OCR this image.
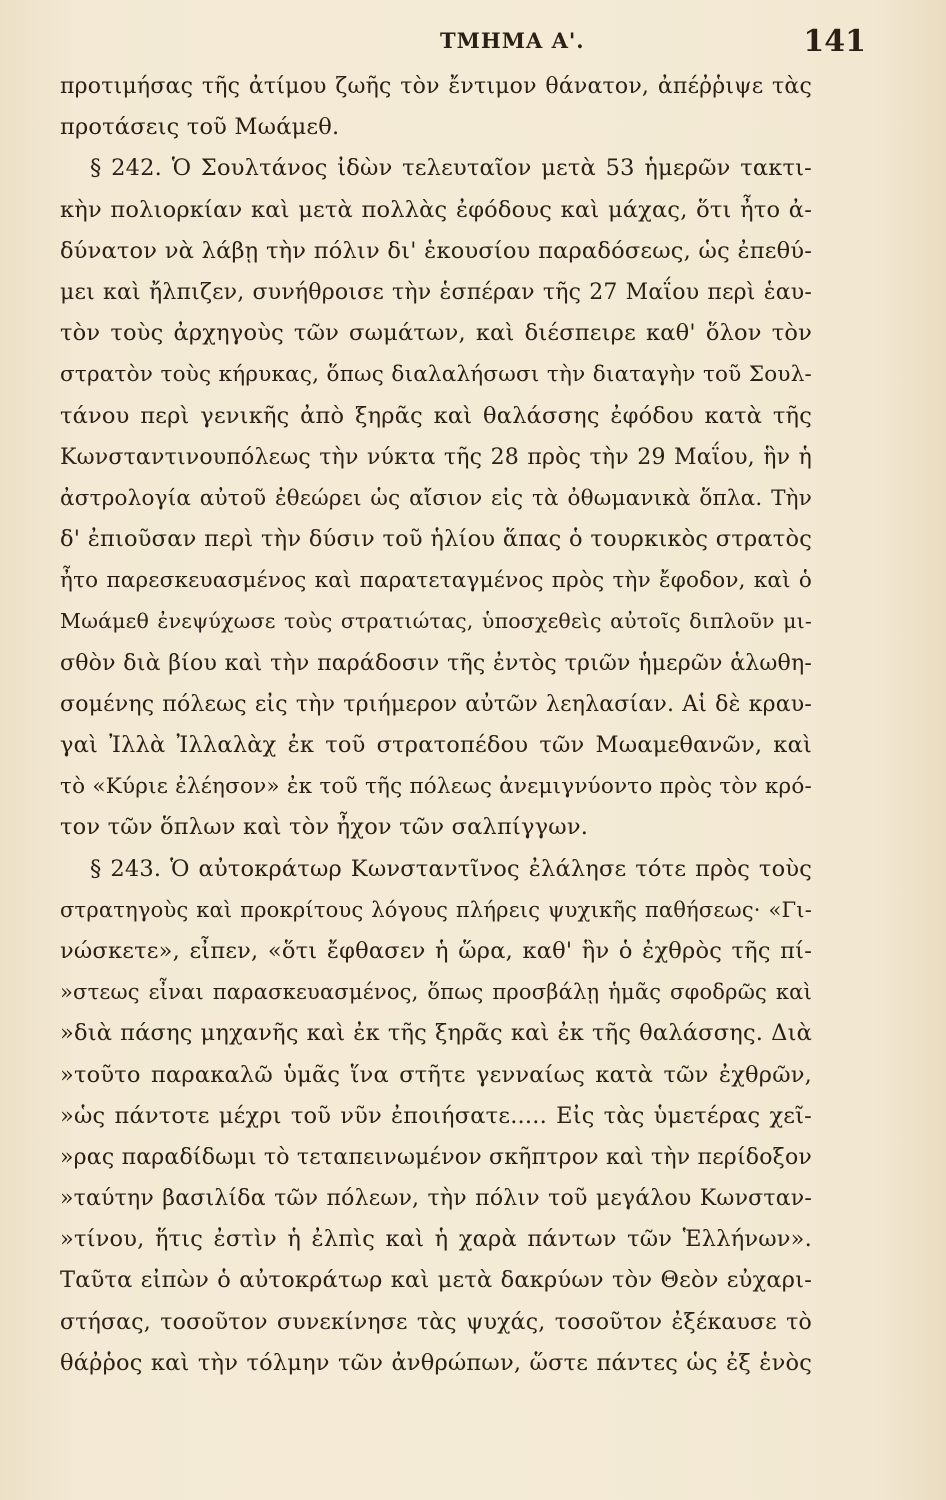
ΤΜΗΜΑ Α'.	141
προτιμήσας τῆς ἀτίμου ζωῆς τὸν ἔντιμον θάνατον, ἀπέῤῥιψε τὰς
προτάσεις τοῦ Μωάμεθ.
§ 242. Ὁ Σουλτάνος ἰδὼν τελευταῖον μετὰ 53 ἡμερῶν τακτι-
κὴν πολιορκίαν καὶ μετὰ πολλὰς ἐφόδους καὶ μάχας, ὅτι ἦτο ἀ-
δύνατον νὰ λάβῃ τὴν πόλιν δι' ἑκουσίου παραδόσεως, ὡς ἐπεθύ-
μει καὶ ἤλπιζεν, συνήθροισε τὴν ἑσπέραν τῆς 27 Μαΐου περὶ ἑαυ-
τὸν τοὺς ἀρχηγοὺς τῶν σωμάτων, καὶ διέσπειρε καθ' ὅλον τὸν
στρατὸν τοὺς κήρυκας, ὅπως διαλαλήσωσι τὴν διαταγὴν τοῦ Σουλ-
τάνου περὶ γενικῆς ἀπὸ ξηρᾶς καὶ θαλάσσης ἐφόδου κατὰ τῆς
Κωνσταντινουπόλεως τὴν νύκτα τῆς 28 πρὸς τὴν 29 Μαΐου, ἣν ἡ
ἀστρολογία αὐτοῦ ἐθεώρει ὡς αἴσιον εἰς τὰ ὀθωμανικὰ ὅπλα. Τὴν
δ' ἐπιοῦσαν περὶ τὴν δύσιν τοῦ ἡλίου ἅπας ὁ τουρκικὸς στρατὸς
ἦτο παρεσκευασμένος καὶ παρατεταγμένος πρὸς τὴν ἔφοδον, καὶ ὁ
Μωάμεθ ἐνεψύχωσε τοὺς στρατιώτας, ὑποσχεθεὶς αὐτοῖς διπλοῦν μι-
σθὸν διὰ βίου καὶ τὴν παράδοσιν τῆς ἐντὸς τριῶν ἡμερῶν ἁλωθη-
σομένης πόλεως εἰς τὴν τριήμερον αὐτῶν λεηλασίαν. Αἱ δὲ κραυ-
γαὶ Ἰλλὰ Ἰλλαλὰχ ἐκ τοῦ στρατοπέδου τῶν Μωαμεθανῶν, καὶ
τὸ «Κύριε ἐλέησον» ἐκ τοῦ τῆς πόλεως ἀνεμιγνύοντο πρὸς τὸν κρό-
τον τῶν ὅπλων καὶ τὸν ἦχον τῶν σαλπίγγων.
§ 243. Ὁ αὐτοκράτωρ Κωνσταντῖνος ἐλάλησε τότε πρὸς τοὺς
στρατηγοὺς καὶ προκρίτους λόγους πλήρεις ψυχικῆς παθήσεως· «Γι-
νώσκετε», εἶπεν, «ὅτι ἔφθασεν ἡ ὥρα, καθ' ἣν ὁ ἐχθρὸς τῆς πί-
»στεως εἶναι παρασκευασμένος, ὅπως προσβάλῃ ἡμᾶς σφοδρῶς καὶ
»διὰ πάσης μηχανῆς καὶ ἐκ τῆς ξηρᾶς καὶ ἐκ τῆς θαλάσσης. Διὰ
»τοῦτο παρακαλῶ ὑμᾶς ἵνα στῆτε γενναίως κατὰ τῶν ἐχθρῶν,
»ὡς πάντοτε μέχρι τοῦ νῦν ἐποιήσατε..... Εἰς τὰς ὑμετέρας χεῖ-
»ρας παραδίδωμι τὸ τεταπεινωμένον σκῆπτρον καὶ τὴν περίδοξον
»ταύτην βασιλίδα τῶν πόλεων, τὴν πόλιν τοῦ μεγάλου Κωνσταν-
»τίνου, ἥτις ἐστὶν ἡ ἐλπὶς καὶ ἡ χαρὰ πάντων τῶν Ἑλλήνων».
Ταῦτα εἰπὼν ὁ αὐτοκράτωρ καὶ μετὰ δακρύων τὸν Θεὸν εὐχαρι-
στήσας, τοσοῦτον συνεκίνησε τὰς ψυχάς, τοσοῦτον ἐξέκαυσε τὸ
θάῤῥος καὶ τὴν τόλμην τῶν ἀνθρώπων, ὥστε πάντες ὡς ἐξ ἑνὸς
